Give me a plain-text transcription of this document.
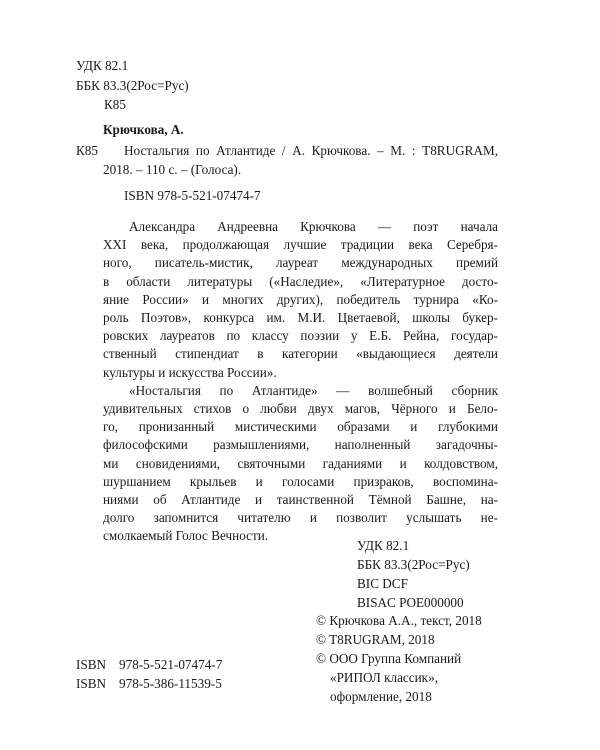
УДК 82.1
ББК 83.3(2Рос=Рус)
К85
Крючкова, А.
К85 Ностальгия по Атлантиде / А. Крючкова. – М. : T8RUGRAM,
2018. – 110 с. – (Голоса).
ISBN 978-5-521-07474-7

Александра Андреевна Крючкова — поэт начала
XXI века, продолжающая лучшие традиции века Серебря-
ного, писатель-мистик, лауреат международных премий
в области литературы («Наследие», «Литературное досто-
яние России» и многих других), победитель турнира «Ко-
роль Поэтов», конкурса им. М.И. Цветаевой, школы букер-
ровских лауреатов по классу поэзии у Е.Б. Рейна, государ-
ственный стипендиат в категории «выдающиеся деятели
культуры и искусства России».

«Ностальгия по Атлантиде» — волшебный сборник
удивительных стихов о любви двух магов, Чёрного и Бело-
го, пронизанный мистическими образами и глубокими
философскими размышлениями, наполненный загадочны-
ми сновидениями, святочными гаданиями и колдовством,
шуршанием крыльев и голосами призраков, воспомина-
ниями об Атлантиде и таинственной Тёмной Башне, на-
долго запомнится читателю и позволит услышать не-
смолкаемый Голос Вечности.

УДК 82.1
ББК 83.3(2Рос=Рус)
BIC DCF
BISAC POE000000
ISBN 978-5-521-07474-7
ISBN 978-5-386-11539-5
© Крючкова А.А., текст, 2018
© T8RUGRAM, 2018
© ООО Группа Компаний
«РИПОЛ классик»,
оформление, 2018
